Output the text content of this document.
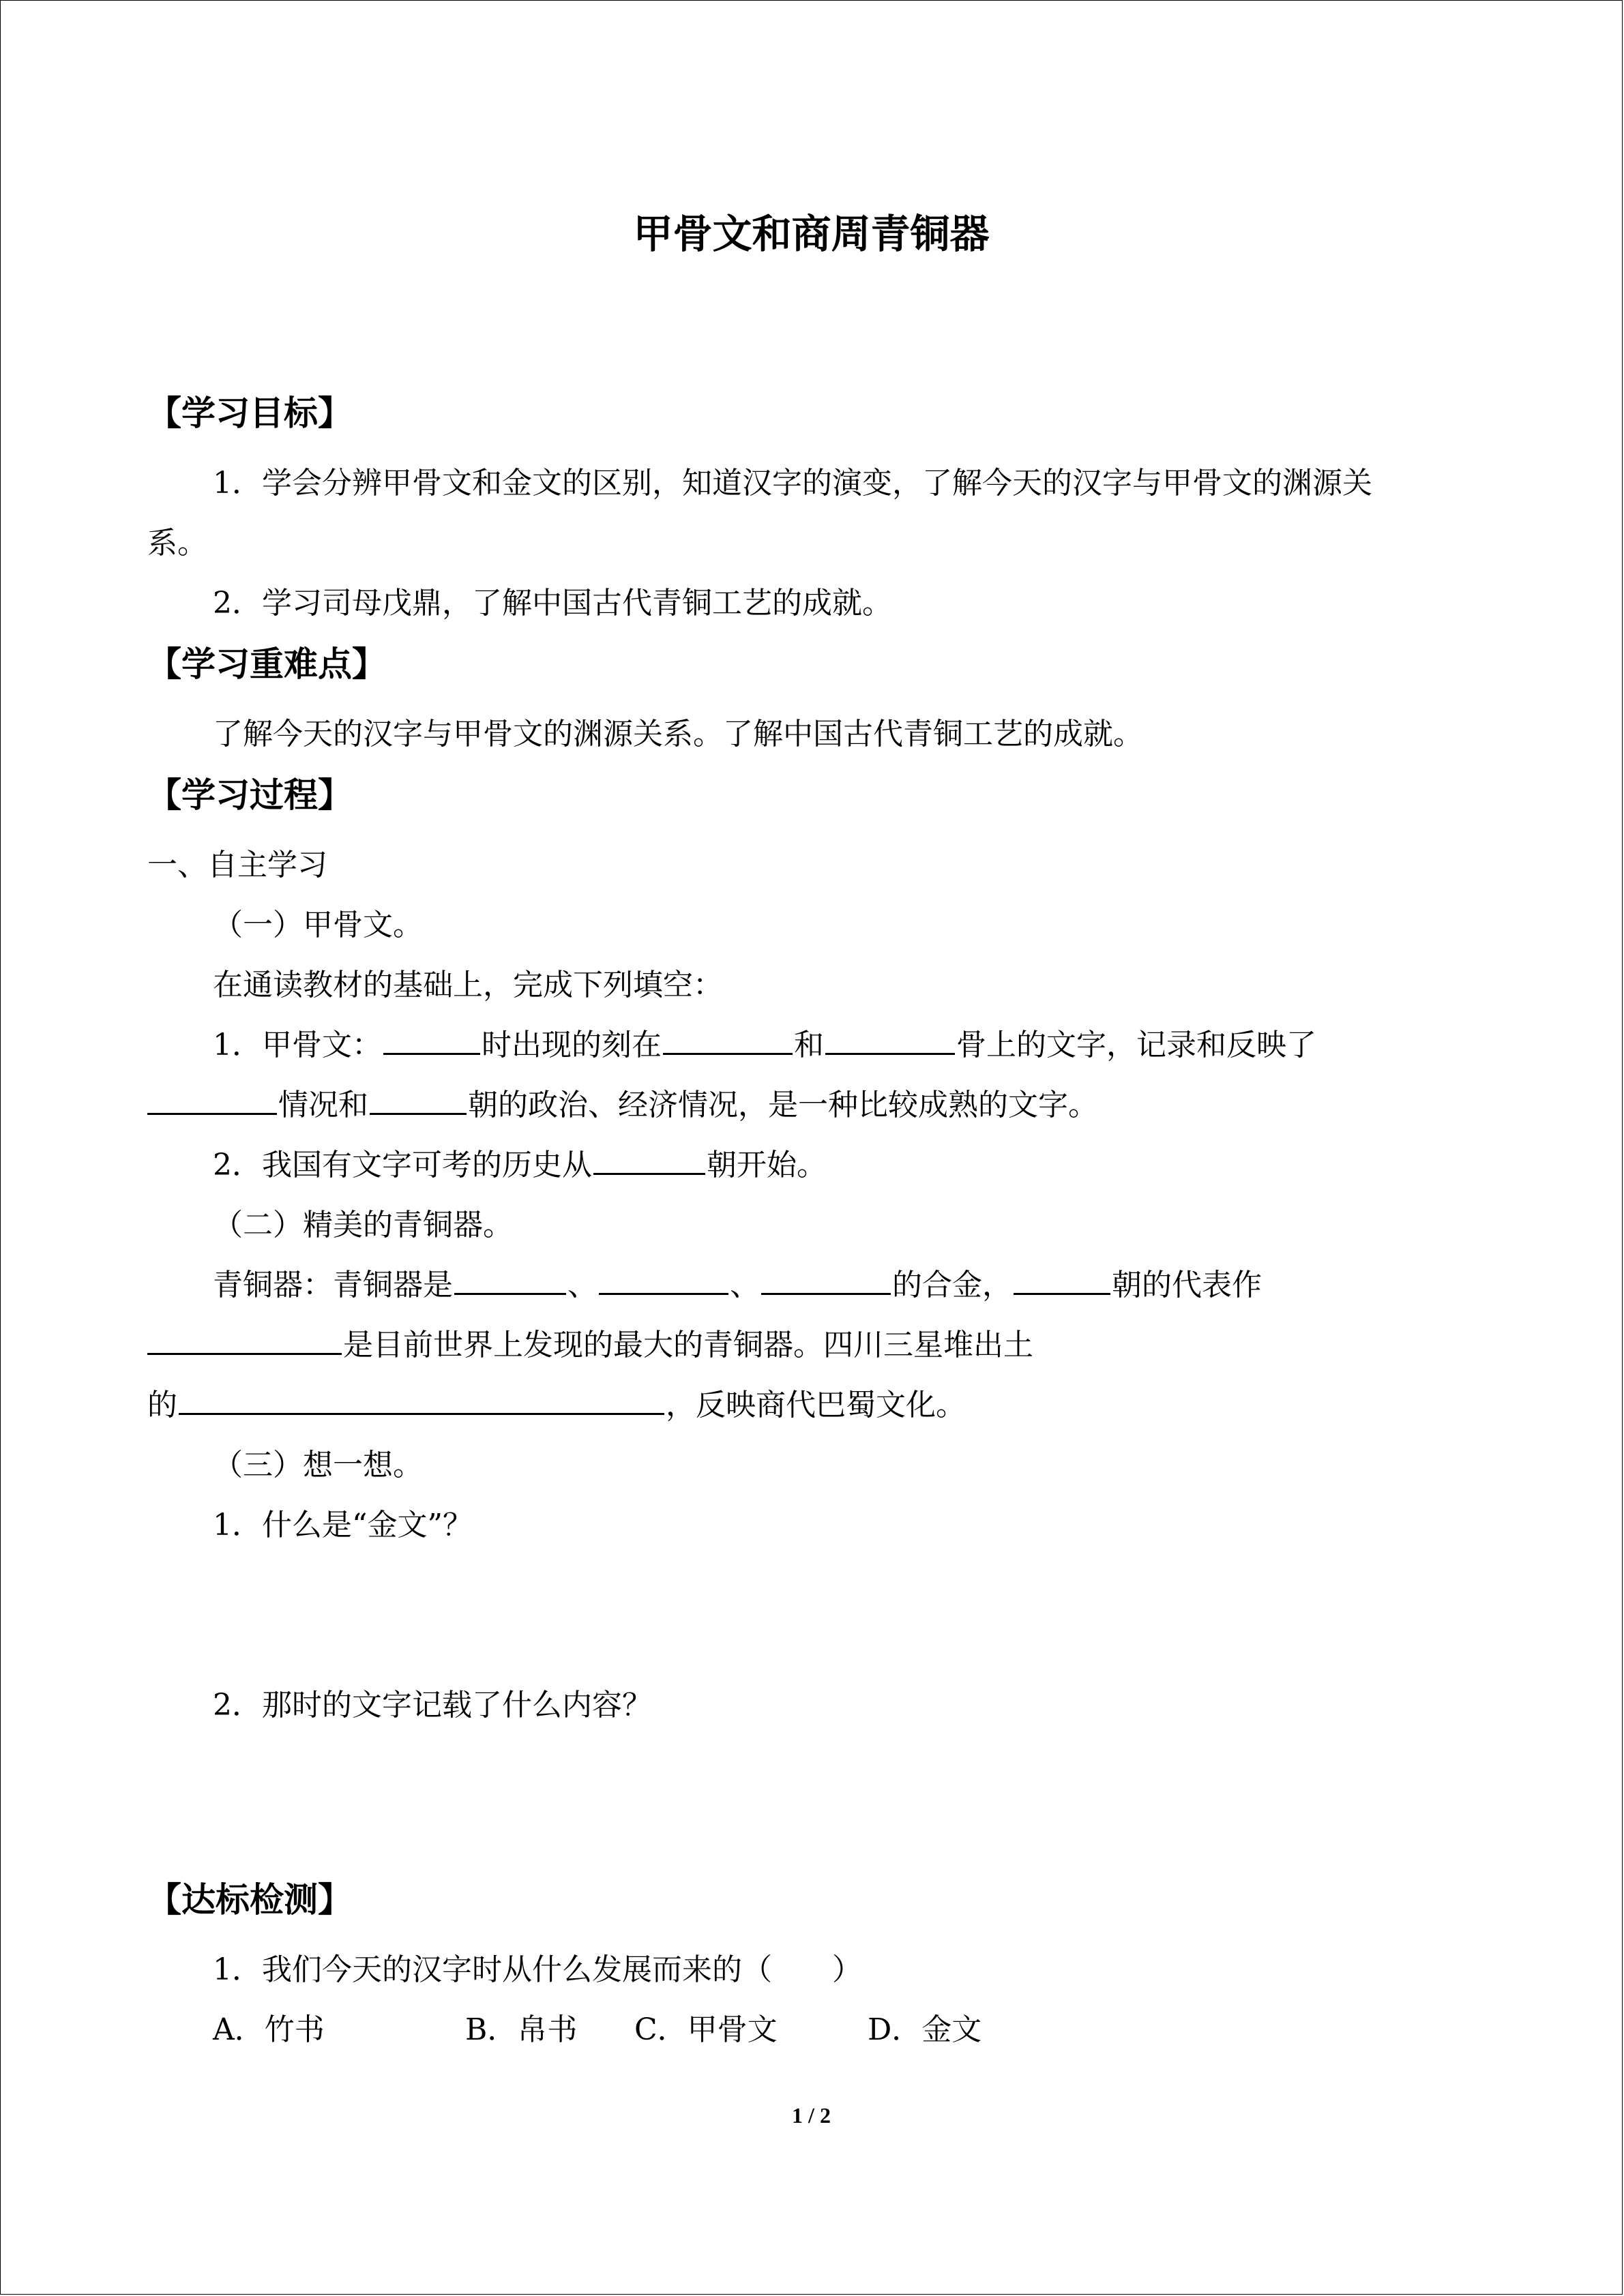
甲骨文和商周青铜器
【学习目标】
1．学会分辨甲骨文和金文的区别，知道汉字的演变，了解今天的汉字与甲骨文的渊源关
系。
2．学习司母戊鼎，了解中国古代青铜工艺的成就。
【学习重难点】
了解今天的汉字与甲骨文的渊源关系。了解中国古代青铜工艺的成就。
【学习过程】
一、自主学习
（一）甲骨文。
在通读教材的基础上，完成下列填空：
1．甲骨文：	时出现的刻在	和	骨上的文字，记录和反映了
情况和	朝的政治、经济情况，是一种比较成熟的文字。
2．我国有文字可考的历史从	朝开始。
（二）精美的青铜器。
青铜器：青铜器是	、	、	的合金，	朝的代表作
是目前世界上发现的最大的青铜器。四川三星堆出土
的	，反映商代巴蜀文化。
（三）想一想。
1．什么是“金文”？
2．那时的文字记载了什么内容？
【达标检测】
1．我们今天的汉字时从什么发展而来的（　　）
A．竹书	B．帛书 C．甲骨文	D．金文
1 / 2
